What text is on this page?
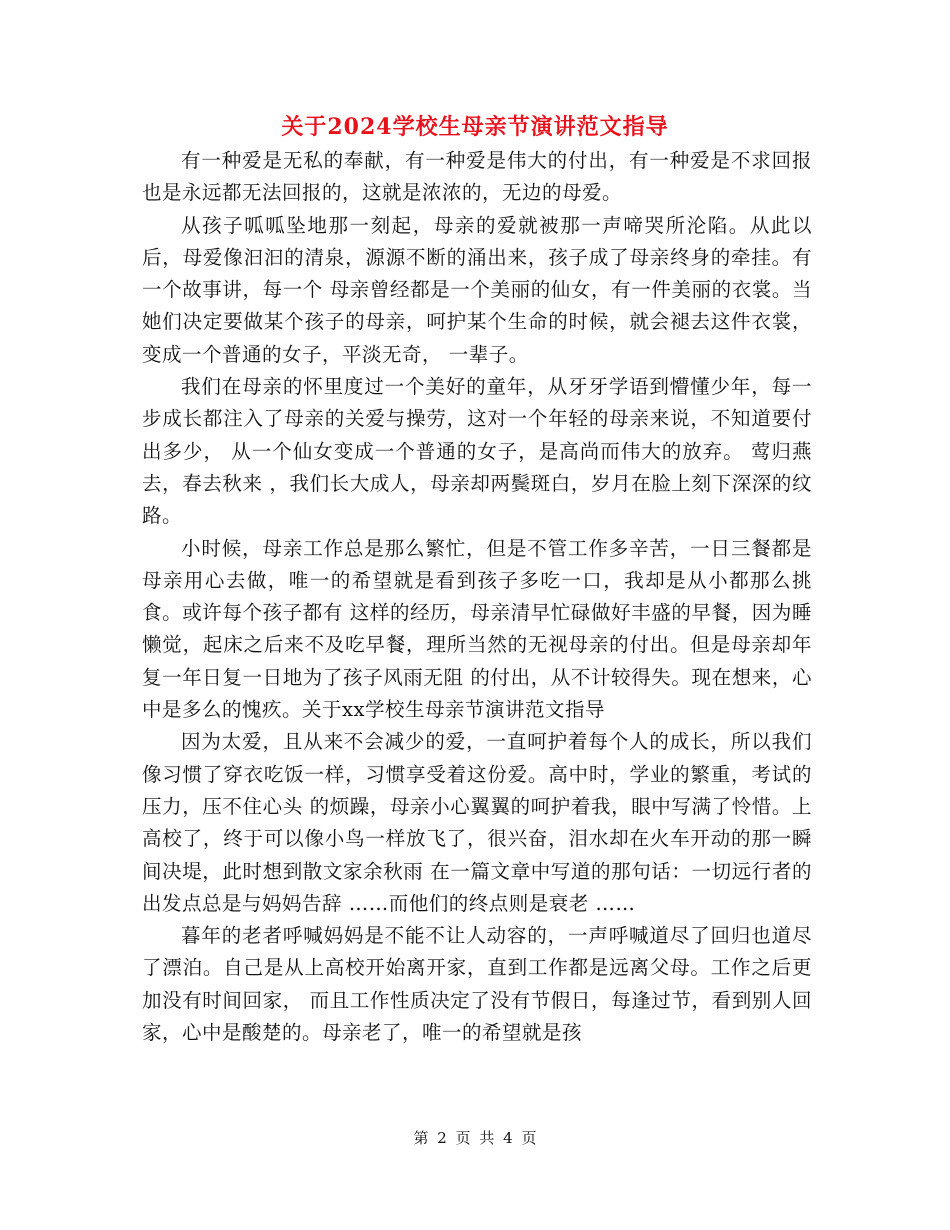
关于2024学校生母亲节演讲范文指导

有一种爱是无私的奉献，有一种爱是伟大的付出，有一种爱是不求回报也是永远都无法回报的，这就是浓浓的，无边的母爱。

从孩子呱呱坠地那一刻起，母亲的爱就被那一声啼哭所沦陷。从此以后，母爱像汩汩的清泉，源源不断的涌出来，孩子成了母亲终身的牵挂。有一个故事讲，每一个 母亲曾经都是一个美丽的仙女，有一件美丽的衣裳。当她们决定要做某个孩子的母亲，呵护某个生命的时候，就会褪去这件衣裳，变成一个普通的女子，平淡无奇， 一辈子。

我们在母亲的怀里度过一个美好的童年，从牙牙学语到懵懂少年，每一步成长都注入了母亲的关爱与操劳，这对一个年轻的母亲来说，不知道要付出多少， 从一个仙女变成一个普通的女子，是高尚而伟大的放弃。 莺归燕去，春去秋来 ，我们长大成人，母亲却两鬓斑白，岁月在脸上刻下深深的纹路。

小时候，母亲工作总是那么繁忙，但是不管工作多辛苦，一日三餐都是母亲用心去做，唯一的希望就是看到孩子多吃一口，我却是从小都那么挑食。或许每个孩子都有 这样的经历，母亲清早忙碌做好丰盛的早餐，因为睡懒觉，起床之后来不及吃早餐，理所当然的无视母亲的付出。但是母亲却年复一年日复一日地为了孩子风雨无阻 的付出，从不计较得失。现在想来，心中是多么的愧疚。关于xx学校生母亲节演讲范文指导

因为太爱，且从来不会减少的爱，一直呵护着每个人的成长，所以我们像习惯了穿衣吃饭一样，习惯享受着这份爱。高中时，学业的繁重，考试的压力，压不住心头 的烦躁，母亲小心翼翼的呵护着我，眼中写满了怜惜。上高校了，终于可以像小鸟一样放飞了，很兴奋，泪水却在火车开动的那一瞬间决堤，此时想到散文家余秋雨 在一篇文章中写道的那句话：一切远行者的出发点总是与妈妈告辞 ……而他们的终点则是衰老 ……

暮年的老者呼喊妈妈是不能不让人动容的，一声呼喊道尽了回归也道尽了漂泊。自己是从上高校开始离开家，直到工作都是远离父母。工作之后更加没有时间回家， 而且工作性质决定了没有节假日，每逢过节，看到别人回家，心中是酸楚的。母亲老了，唯一的希望就是孩

第 2 页 共 4 页
